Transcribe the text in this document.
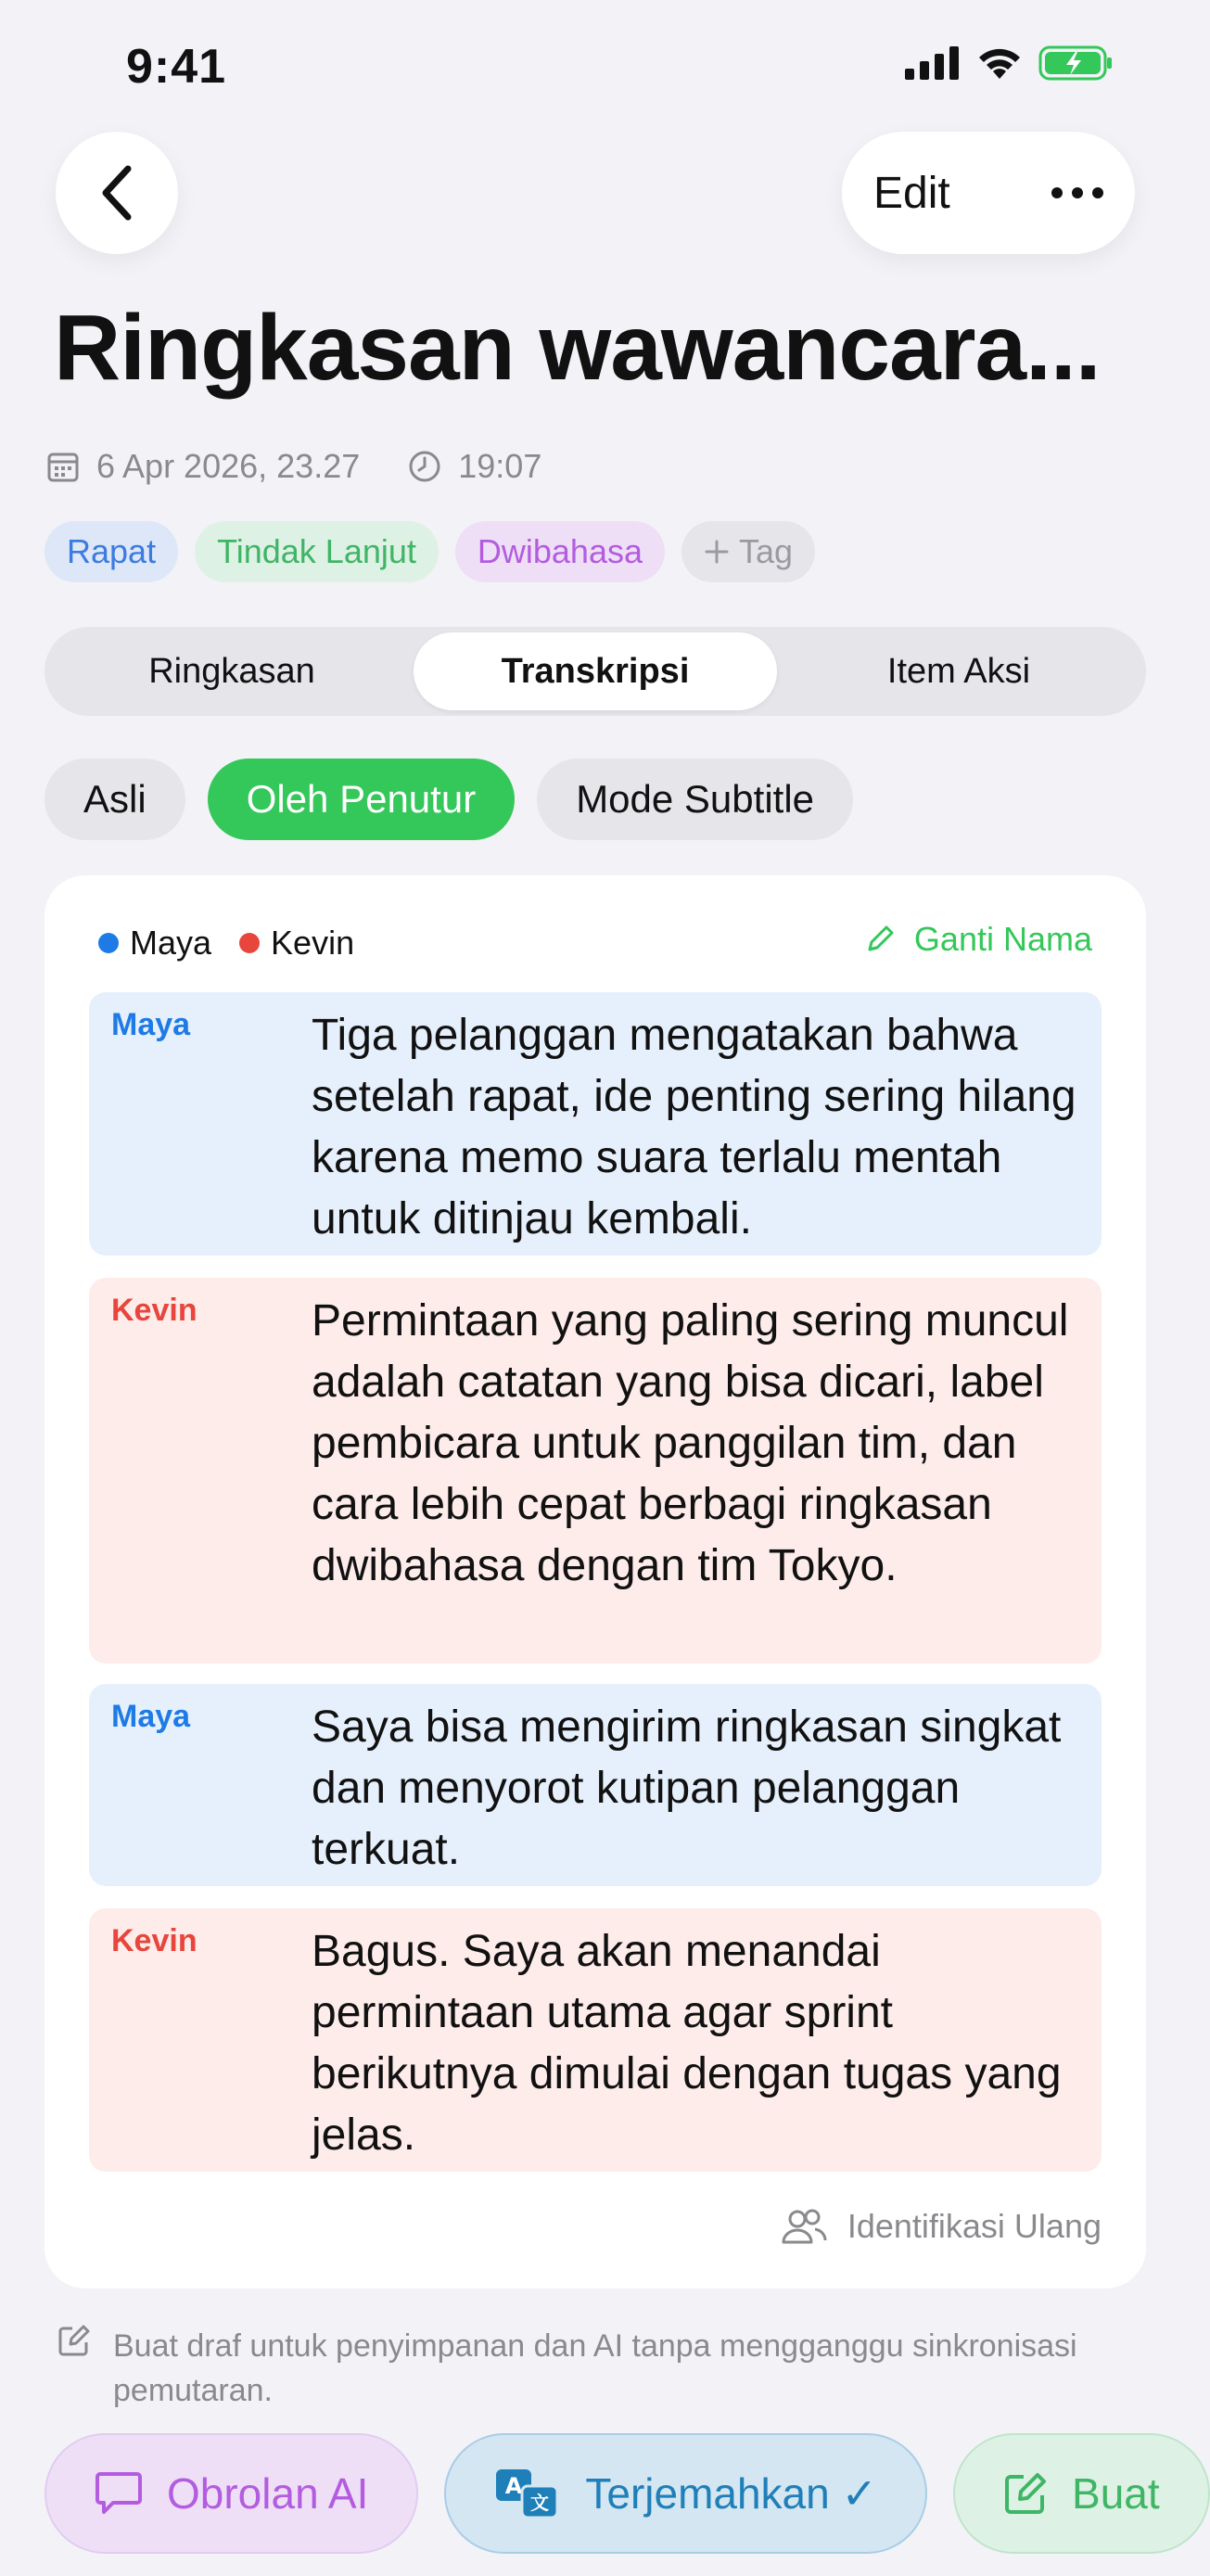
9:41
Edit
Ringkasan wawancara...
6 Apr 2026, 23.27	19:07
Rapat	Tindak Lanjut	Dwibahasa	Tag
Ringkasan	Transkripsi	Item Aksi
Asli	Oleh Penutur	Mode Subtitle
Maya Kevin	Ganti Nama
Maya	Tiga pelanggan mengatakan bahwa setelah rapat, ide penting sering hilang karena memo suara terlalu mentah untuk ditinjau kembali.
Kevin	Permintaan yang paling sering muncul adalah catatan yang bisa dicari, label pembicara untuk panggilan tim, dan cara lebih cepat berbagi ringkasan dwibahasa dengan tim Tokyo.
Maya	Saya bisa mengirim ringkasan singkat dan menyorot kutipan pelanggan terkuat.
Kevin	Bagus. Saya akan menandai permintaan utama agar sprint berikutnya dimulai dengan tugas yang jelas.
Identifikasi Ulang
Buat draf untuk penyimpanan dan AI tanpa mengganggu sinkronisasi pemutaran.
Obrolan AI	A
文 Terjemahkan ✓	Buat
